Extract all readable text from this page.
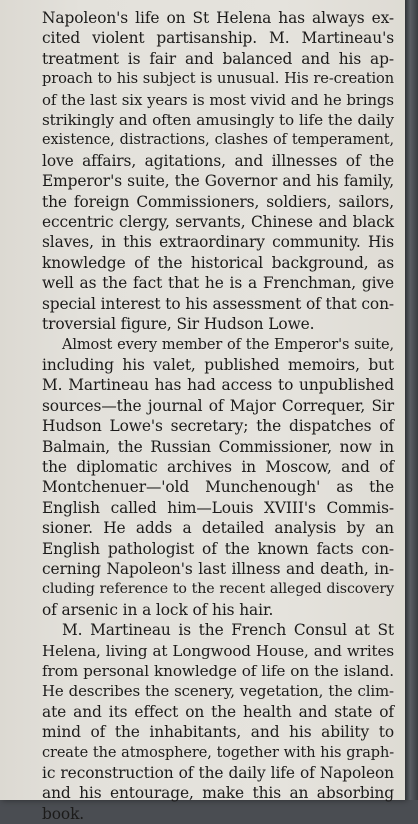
Napoleon's life on St Helena has always ex-
cited violent partisanship. M. Martineau's
treatment is fair and balanced and his ap-
proach to his subject is unusual. His re-creation
of the last six years is most vivid and he brings
strikingly and often amusingly to life the daily
existence, distractions, clashes of temperament,
love affairs, agitations, and illnesses of the
Emperor's suite, the Governor and his family,
the foreign Commissioners, soldiers, sailors,
eccentric clergy, servants, Chinese and black
slaves, in this extraordinary community. His
knowledge of the historical background, as
well as the fact that he is a Frenchman, give
special interest to his assessment of that con-
troversial figure, Sir Hudson Lowe.
Almost every member of the Emperor's suite,
including his valet, published memoirs, but
M. Martineau has had access to unpublished
sources—the journal of Major Correquer, Sir
Hudson Lowe's secretary; the dispatches of
Balmain, the Russian Commissioner, now in
the diplomatic archives in Moscow, and of
Montchenuer—'old Munchenough' as the
English called him—Louis XVIII's Commis-
sioner. He adds a detailed analysis by an
English pathologist of the known facts con-
cerning Napoleon's last illness and death, in-
cluding reference to the recent alleged discovery
of arsenic in a lock of his hair.
M. Martineau is the French Consul at St
Helena, living at Longwood House, and writes
from personal knowledge of life on the island.
He describes the scenery, vegetation, the clim-
ate and its effect on the health and state of
mind of the inhabitants, and his ability to
create the atmosphere, together with his graph-
ic reconstruction of the daily life of Napoleon
and his entourage, make this an absorbing
book.
